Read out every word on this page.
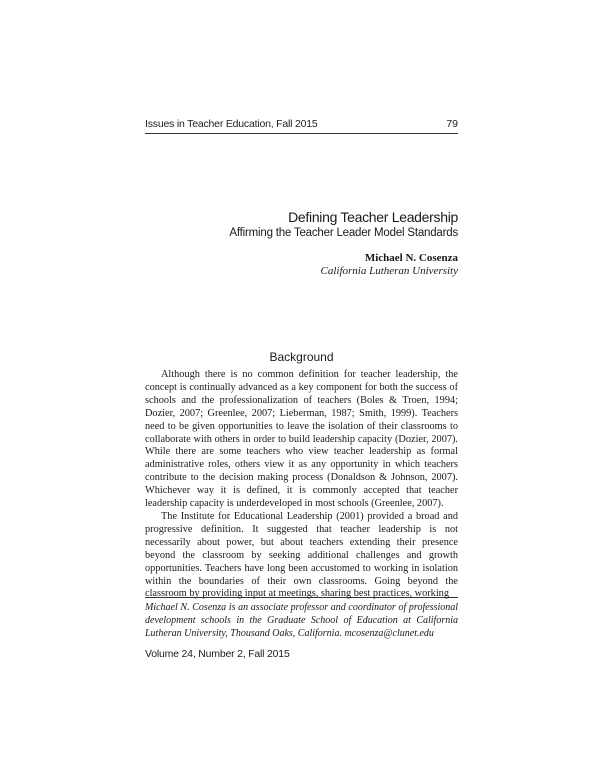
Issues in Teacher Education, Fall 2015	79
Defining Teacher Leadership
Affirming the Teacher Leader Model Standards
Michael N. Cosenza
California Lutheran University
Background

Although there is no common definition for teacher leadership, the concept is continually advanced as a key component for both the success of schools and the professionalization of teachers (Boles & Troen, 1994; Dozier, 2007; Greenlee, 2007; Lieberman, 1987; Smith, 1999). Teachers need to be given opportunities to leave the isolation of their classrooms to collaborate with others in order to build leadership capacity (Dozier, 2007). While there are some teachers who view teacher leadership as formal administrative roles, others view it as any opportunity in which teachers contribute to the decision making process (Donaldson & Johnson, 2007). Whichever way it is defined, it is commonly accepted that teacher leadership capacity is underdeveloped in most schools (Greenlee, 2007).

The Institute for Educational Leadership (2001) provided a broad and progressive definition. It suggested that teacher leadership is not necessarily about power, but about teachers extending their presence beyond the classroom by seeking additional challenges and growth opportunities. Teachers have long been accustomed to working in isolation within the boundaries of their own classrooms. Going beyond the classroom by providing input at meetings, sharing best practices, working

Michael N. Cosenza is an associate professor and coordinator of professional development schools in the Graduate School of Education at California Lutheran University, Thousand Oaks, California. mcosenza@clunet.edu
Volume 24, Number 2, Fall 2015
